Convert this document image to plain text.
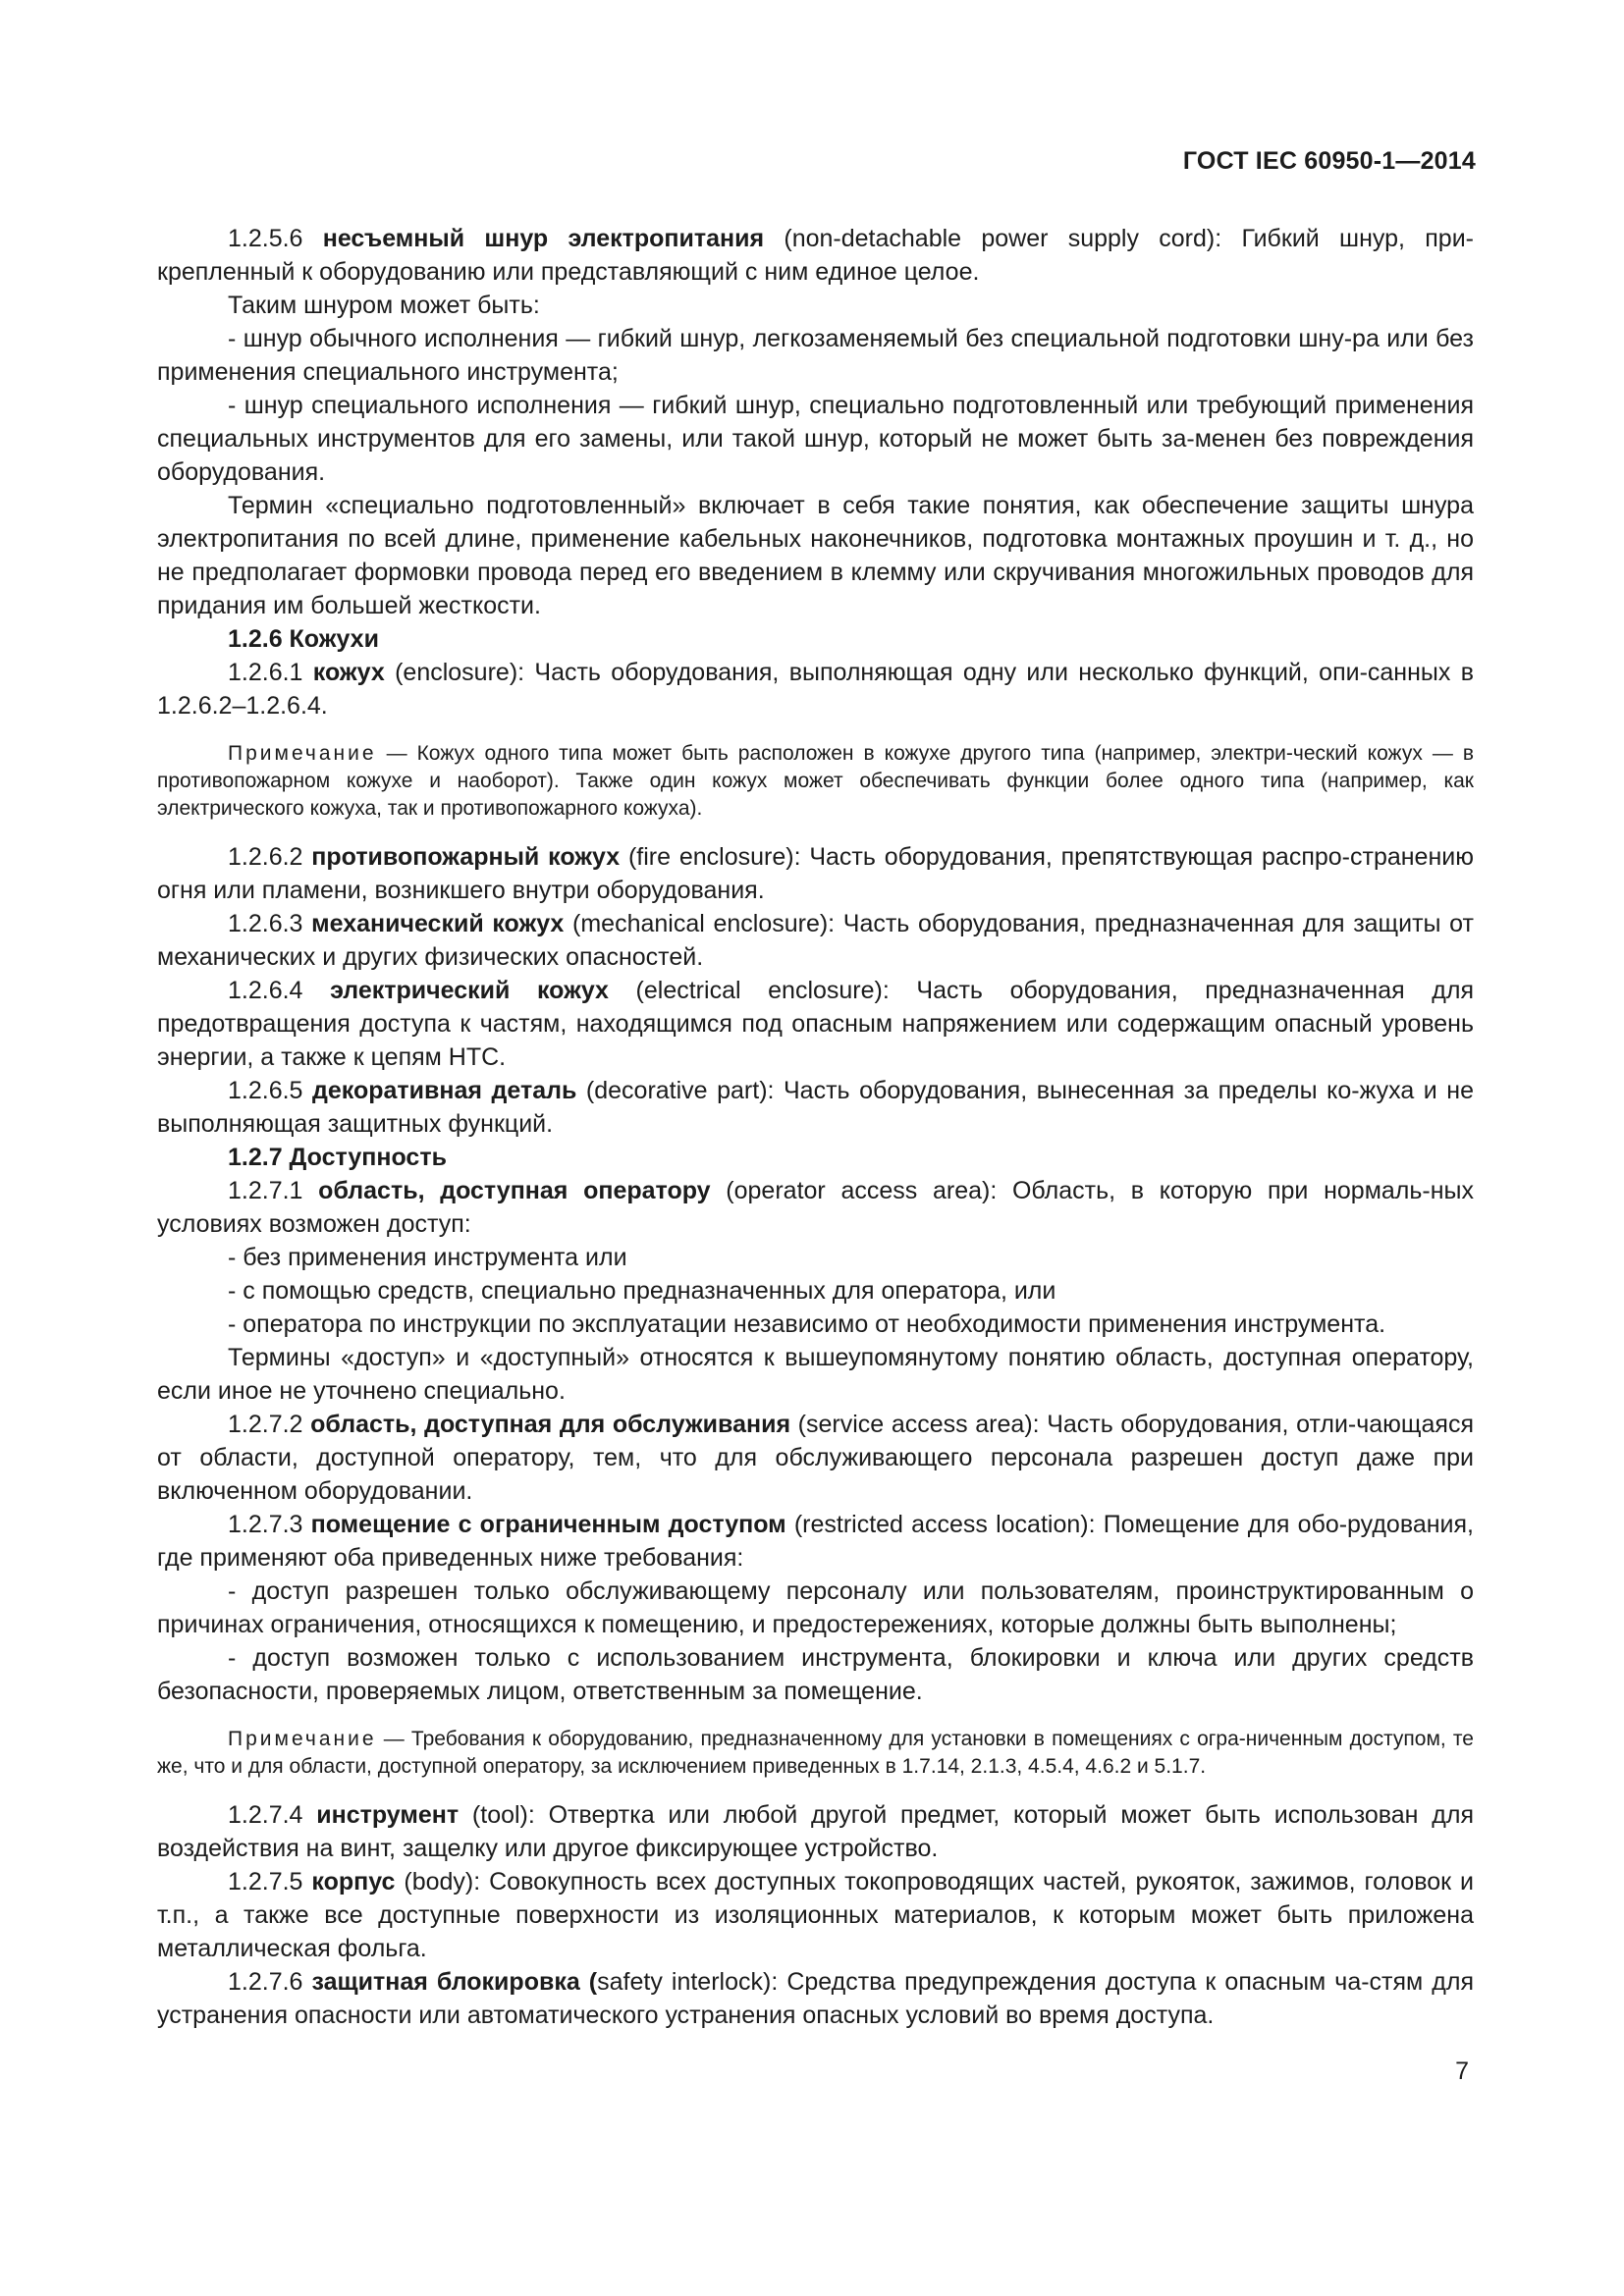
ГОСТ IEC 60950-1—2014

1.2.5.6 несъемный шнур электропитания (non-detachable power supply cord): Гибкий шнур, при-крепленный к оборудованию или представляющий с ним единое целое.

Таким шнуром может быть:

- шнур обычного исполнения — гибкий шнур, легкозаменяемый без специальной подготовки шну-ра или без применения специального инструмента;

- шнур специального исполнения — гибкий шнур, специально подготовленный или требующий применения специальных инструментов для его замены, или такой шнур, который не может быть за-менен без повреждения оборудования.

Термин «специально подготовленный» включает в себя такие понятия, как обеспечение защиты шнура электропитания по всей длине, применение кабельных наконечников, подготовка монтажных проушин и т. д., но не предполагает формовки провода перед его введением в клемму или скручивания многожильных проводов для придания им большей жесткости.

1.2.6 Кожухи

1.2.6.1 кожух (enclosure): Часть оборудования, выполняющая одну или несколько функций, опи-санных в 1.2.6.2–1.2.6.4.

Примечание — Кожух одного типа может быть расположен в кожухе другого типа (например, электри-ческий кожух — в противопожарном кожухе и наоборот). Также один кожух может обеспечивать функции более одного типа (например, как электрического кожуха, так и противопожарного кожуха).

1.2.6.2 противопожарный кожух (fire enclosure): Часть оборудования, препятствующая распро-странению огня или пламени, возникшего внутри оборудования.

1.2.6.3 механический кожух (mechanical enclosure): Часть оборудования, предназначенная для защиты от механических и других физических опасностей.

1.2.6.4 электрический кожух (electrical enclosure): Часть оборудования, предназначенная для предотвращения доступа к частям, находящимся под опасным напряжением или содержащим опасный уровень энергии, а также к цепям НТС.

1.2.6.5 декоративная деталь (decorative part): Часть оборудования, вынесенная за пределы ко-жуха и не выполняющая защитных функций.

1.2.7 Доступность

1.2.7.1 область, доступная оператору (operator access area): Область, в которую при нормаль-ных условиях возможен доступ:

- без применения инструмента или

- с помощью средств, специально предназначенных для оператора, или

- оператора по инструкции по эксплуатации независимо от необходимости применения инструмента.

Термины «доступ» и «доступный» относятся к вышеупомянутому понятию область, доступная оператору, если иное не уточнено специально.

1.2.7.2 область, доступная для обслуживания (service access area): Часть оборудования, отли-чающаяся от области, доступной оператору, тем, что для обслуживающего персонала разрешен доступ даже при включенном оборудовании.

1.2.7.3 помещение с ограниченным доступом (restricted access location): Помещение для обо-рудования, где применяют оба приведенных ниже требования:

- доступ разрешен только обслуживающему персоналу или пользователям, проинструктированным о причинах ограничения, относящихся к помещению, и предостережениях, которые должны быть выполнены;

- доступ возможен только с использованием инструмента, блокировки и ключа или других средств безопасности, проверяемых лицом, ответственным за помещение.

Примечание — Требования к оборудованию, предназначенному для установки в помещениях с огра-ниченным доступом, те же, что и для области, доступной оператору, за исключением приведенных в 1.7.14, 2.1.3, 4.5.4, 4.6.2 и 5.1.7.

1.2.7.4 инструмент (tool): Отвертка или любой другой предмет, который может быть использован для воздействия на винт, защелку или другое фиксирующее устройство.

1.2.7.5 корпус (body): Совокупность всех доступных токопроводящих частей, рукояток, зажимов, головок и т.п., а также все доступные поверхности из изоляционных материалов, к которым может быть приложена металлическая фольга.

1.2.7.6 защитная блокировка (safety interlock): Средства предупреждения доступа к опасным ча-стям для устранения опасности или автоматического устранения опасных условий во время доступа.

7
